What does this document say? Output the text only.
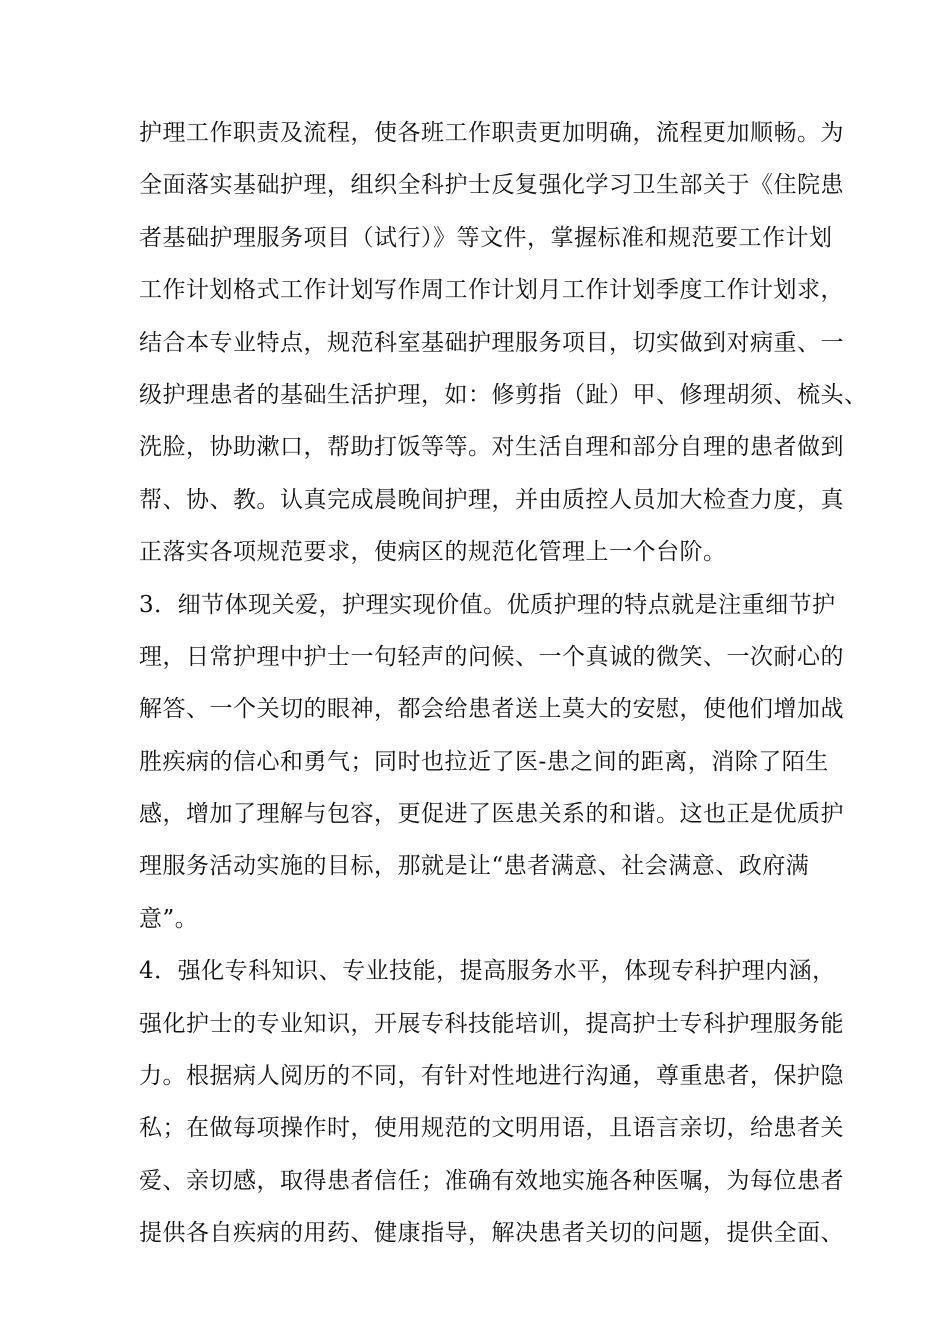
护理工作职责及流程，使各班工作职责更加明确，流程更加顺畅。为
全面落实基础护理，组织全科护士反复强化学习卫生部关于《住院患
者基础护理服务项目（试行）》等文件，掌握标准和规范要工作计划
工作计划格式工作计划写作周工作计划月工作计划季度工作计划求，
结合本专业特点，规范科室基础护理服务项目，切实做到对病重、一
级护理患者的基础生活护理，如：修剪指（趾）甲、修理胡须、梳头、
洗脸，协助漱口，帮助打饭等等。对生活自理和部分自理的患者做到
帮、协、教。认真完成晨晚间护理，并由质控人员加大检查力度，真
正落实各项规范要求，使病区的规范化管理上一个台阶。
3．细节体现关爱，护理实现价值。优质护理的特点就是注重细节护
理，日常护理中护士一句轻声的问候、一个真诚的微笑、一次耐心的
解答、一个关切的眼神，都会给患者送上莫大的安慰，使他们增加战
胜疾病的信心和勇气；同时也拉近了医-患之间的距离，消除了陌生
感，增加了理解与包容，更促进了医患关系的和谐。这也正是优质护
理服务活动实施的目标，那就是让“患者满意、社会满意、政府满
意”。
4．强化专科知识、专业技能，提高服务水平，体现专科护理内涵，
强化护士的专业知识，开展专科技能培训，提高护士专科护理服务能
力。根据病人阅历的不同，有针对性地进行沟通，尊重患者，保护隐
私；在做每项操作时，使用规范的文明用语，且语言亲切，给患者关
爱、亲切感，取得患者信任；准确有效地实施各种医嘱，为每位患者
提供各自疾病的用药、健康指导，解决患者关切的问题，提供全面、
